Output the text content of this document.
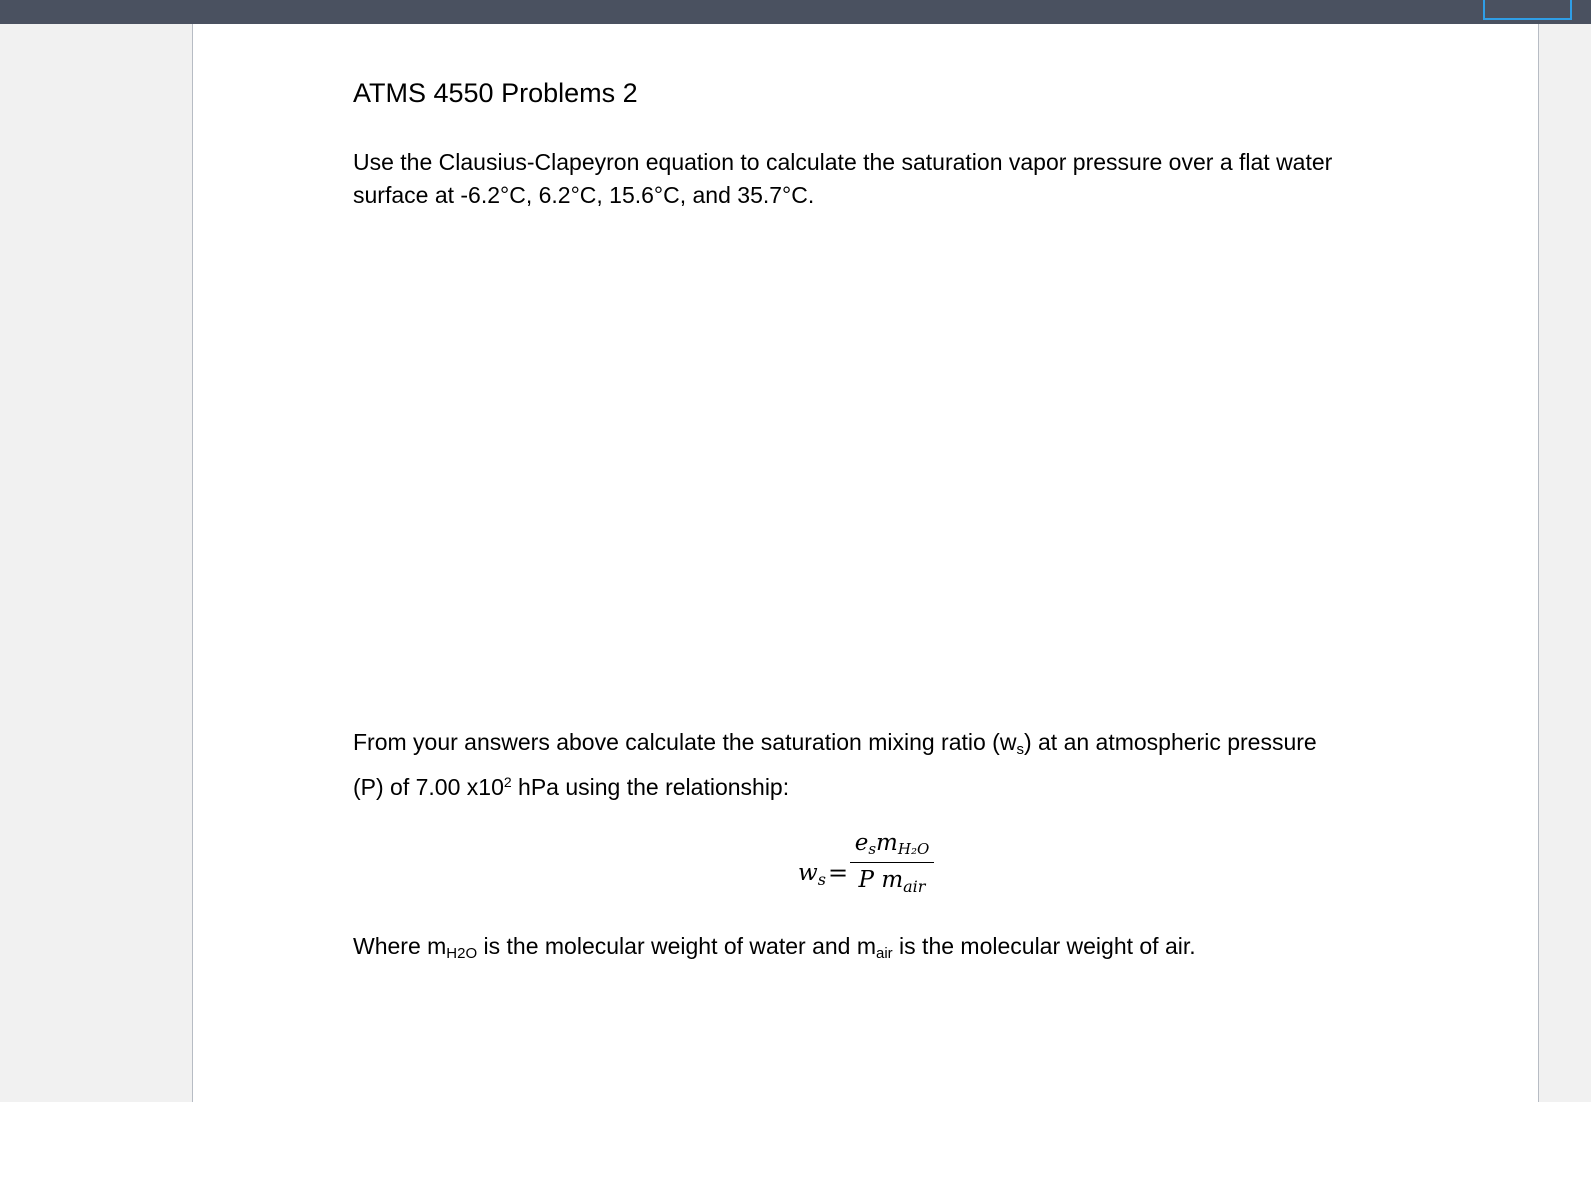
ATMS 4550 Problems 2
Use the Clausius-Clapeyron equation to calculate the saturation vapor pressure over a flat water surface at -6.2°C, 6.2°C, 15.6°C, and 35.7°C.
From your answers above calculate the saturation mixing ratio $(w_s)$ at an atmospheric pressure
(P) of 7.00 $x10^2$ hPa using the relationship:
$w_s$ =
$e_sm_{H_2O}$
P $m_{air}$
Where $m_{H2O}$ is the molecular weight of water and $m_{air}$ is the molecular weight of air.
